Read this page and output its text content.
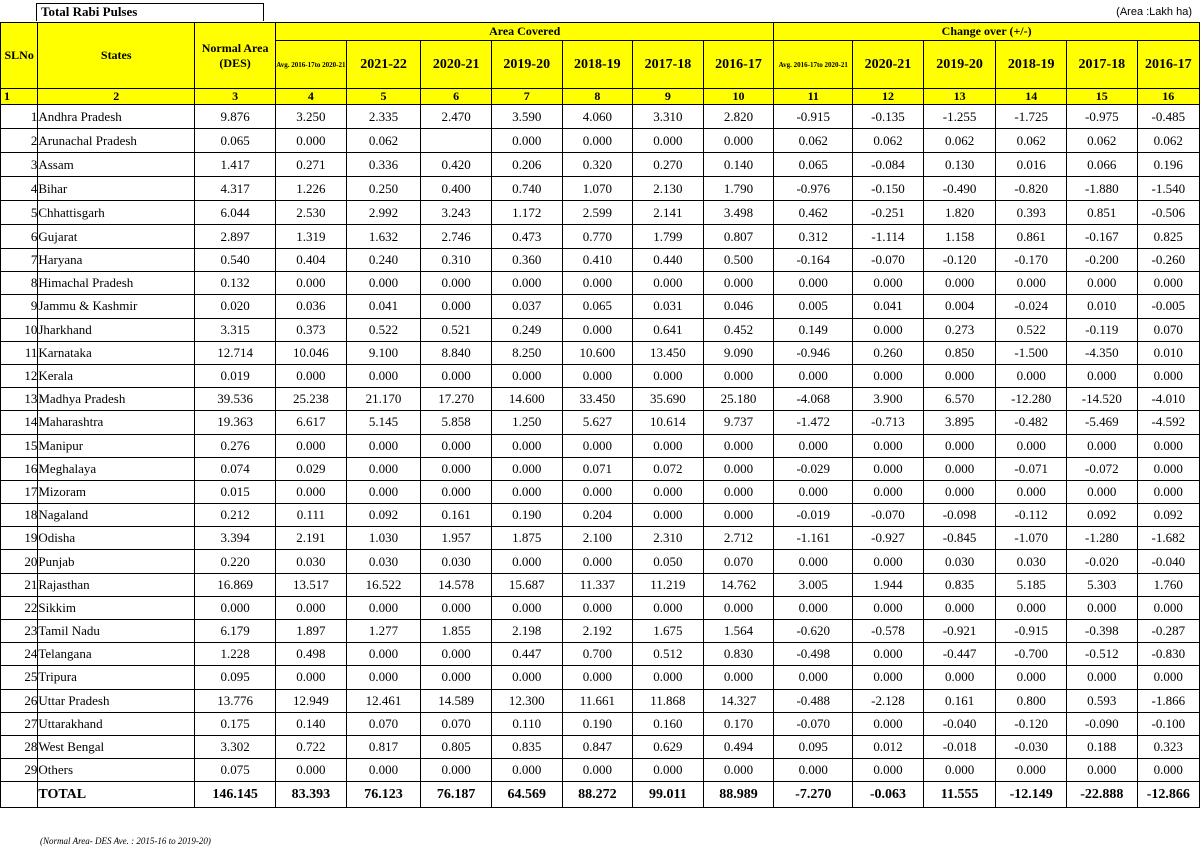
Total Rabi Pulses	(Area :Lakh ha)
SLNo	States	Normal Area (DES)	Area Covered							Change over (+/-)					
			Avg. 2016-17to 2020-21	2021-22	2020-21	2019-20	2018-19	2017-18	2016-17	Avg. 2016-17to 2020-21	2020-21	2019-20	2018-19	2017-18	2016-17
1	2	3	4	5	6	7	8	9	10	11	12	13	14	15	16
1	Andhra Pradesh	9.876	3.250	2.335	2.470	3.590	4.060	3.310	2.820	-0.915	-0.135	-1.255	-1.725	-0.975	-0.485
2	Arunachal Pradesh	0.065	0.000	0.062		0.000	0.000	0.000	0.000	0.062	0.062	0.062	0.062	0.062	0.062
3	Assam	1.417	0.271	0.336	0.420	0.206	0.320	0.270	0.140	0.065	-0.084	0.130	0.016	0.066	0.196
4	Bihar	4.317	1.226	0.250	0.400	0.740	1.070	2.130	1.790	-0.976	-0.150	-0.490	-0.820	-1.880	-1.540
5	Chhattisgarh	6.044	2.530	2.992	3.243	1.172	2.599	2.141	3.498	0.462	-0.251	1.820	0.393	0.851	-0.506
6	Gujarat	2.897	1.319	1.632	2.746	0.473	0.770	1.799	0.807	0.312	-1.114	1.158	0.861	-0.167	0.825
7	Haryana	0.540	0.404	0.240	0.310	0.360	0.410	0.440	0.500	-0.164	-0.070	-0.120	-0.170	-0.200	-0.260
8	Himachal Pradesh	0.132	0.000	0.000	0.000	0.000	0.000	0.000	0.000	0.000	0.000	0.000	0.000	0.000	0.000
9	Jammu & Kashmir	0.020	0.036	0.041	0.000	0.037	0.065	0.031	0.046	0.005	0.041	0.004	-0.024	0.010	-0.005
10	Jharkhand	3.315	0.373	0.522	0.521	0.249	0.000	0.641	0.452	0.149	0.000	0.273	0.522	-0.119	0.070
11	Karnataka	12.714	10.046	9.100	8.840	8.250	10.600	13.450	9.090	-0.946	0.260	0.850	-1.500	-4.350	0.010
12	Kerala	0.019	0.000	0.000	0.000	0.000	0.000	0.000	0.000	0.000	0.000	0.000	0.000	0.000	0.000
13	Madhya Pradesh	39.536	25.238	21.170	17.270	14.600	33.450	35.690	25.180	-4.068	3.900	6.570	-12.280	-14.520	-4.010
14	Maharashtra	19.363	6.617	5.145	5.858	1.250	5.627	10.614	9.737	-1.472	-0.713	3.895	-0.482	-5.469	-4.592
15	Manipur	0.276	0.000	0.000	0.000	0.000	0.000	0.000	0.000	0.000	0.000	0.000	0.000	0.000	0.000
16	Meghalaya	0.074	0.029	0.000	0.000	0.000	0.071	0.072	0.000	-0.029	0.000	0.000	-0.071	-0.072	0.000
17	Mizoram	0.015	0.000	0.000	0.000	0.000	0.000	0.000	0.000	0.000	0.000	0.000	0.000	0.000	0.000
18	Nagaland	0.212	0.111	0.092	0.161	0.190	0.204	0.000	0.000	-0.019	-0.070	-0.098	-0.112	0.092	0.092
19	Odisha	3.394	2.191	1.030	1.957	1.875	2.100	2.310	2.712	-1.161	-0.927	-0.845	-1.070	-1.280	-1.682
20	Punjab	0.220	0.030	0.030	0.030	0.000	0.000	0.050	0.070	0.000	0.000	0.030	0.030	-0.020	-0.040
21	Rajasthan	16.869	13.517	16.522	14.578	15.687	11.337	11.219	14.762	3.005	1.944	0.835	5.185	5.303	1.760
22	Sikkim	0.000	0.000	0.000	0.000	0.000	0.000	0.000	0.000	0.000	0.000	0.000	0.000	0.000	0.000
23	Tamil Nadu	6.179	1.897	1.277	1.855	2.198	2.192	1.675	1.564	-0.620	-0.578	-0.921	-0.915	-0.398	-0.287
24	Telangana	1.228	0.498	0.000	0.000	0.447	0.700	0.512	0.830	-0.498	0.000	-0.447	-0.700	-0.512	-0.830
25	Tripura	0.095	0.000	0.000	0.000	0.000	0.000	0.000	0.000	0.000	0.000	0.000	0.000	0.000	0.000
26	Uttar Pradesh	13.776	12.949	12.461	14.589	12.300	11.661	11.868	14.327	-0.488	-2.128	0.161	0.800	0.593	-1.866
27	Uttarakhand	0.175	0.140	0.070	0.070	0.110	0.190	0.160	0.170	-0.070	0.000	-0.040	-0.120	-0.090	-0.100
28	West Bengal	3.302	0.722	0.817	0.805	0.835	0.847	0.629	0.494	0.095	0.012	-0.018	-0.030	0.188	0.323
29	Others	0.075	0.000	0.000	0.000	0.000	0.000	0.000	0.000	0.000	0.000	0.000	0.000	0.000	0.000
	TOTAL	146.145	83.393	76.123	76.187	64.569	88.272	99.011	88.989	-7.270	-0.063	11.555	-12.149	-22.888	-12.866
(Normal Area- DES Ave. : 2015-16 to 2019-20)
